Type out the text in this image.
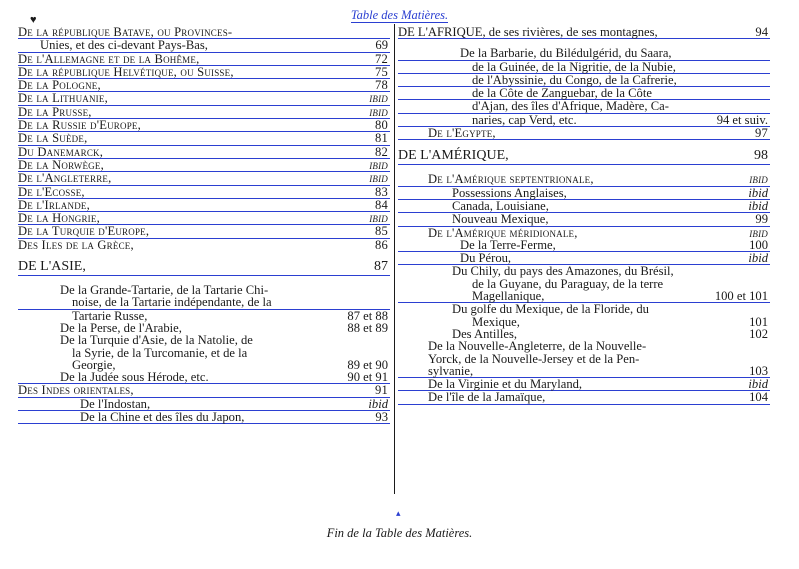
♥	Table des Matières.
De la république Batave, ou Provinces-
Unies, et des ci-devant Pays-Bas,	69
De l'Allemagne et de la Bohême,	72
De la république Helvétique, ou Suisse,	75
De la Pologne,	78
De la Lithuanie,	ibid
De la Prusse,	ibid
De la Russie d'Europe,	80
De la Suède,	81
Du Danemarck,	82
De la Norwège,	ibid
De l'Angleterre,	ibid
De l'Ecosse,	83
De l'Irlande,	84
De la Hongrie,	ibid
De la Turquie d'Europe,	85
Des Iles de la Grèce,	86
DE L'ASIE,	87
De la Grande-Tartarie, de la Tartarie Chi-
noise, de la Tartarie indépendante, de la
Tartarie Russe,	87 et 88
De la Perse, de l'Arabie,	88 et 89
De la Turquie d'Asie, de la Natolie, de
la Syrie, de la Turcomanie, et de la
Georgie,	89 et 90
De la Judée sous Hérode, etc.	90 et 91
Des Indes orientales,	91
De l'Indostan,	ibid
De la Chine et des îles du Japon,	93
DE L'AFRIQUE, de ses rivières, de ses montagnes,	94
De la Barbarie, du Bilédulgérid, du Saara,
de la Guinée, de la Nigritie, de la Nubie,
de l'Abyssinie, du Congo, de la Cafrerie,
de la Côte de Zanguebar, de la Côte
d'Ajan, des îles d'Afrique, Madère, Ca-
naries, cap Verd, etc.	94 et suiv.
De l'Egypte,	97
DE L'AMÉRIQUE,	98
De l'Amérique septentrionale,	ibid
Possessions Anglaises,	ibid
Canada, Louisiane,	ibid
Nouveau Mexique,	99
De l'Amérique méridionale,	ibid
De la Terre-Ferme,	100
Du Pérou,	ibid
Du Chily, du pays des Amazones, du Brésil,
de la Guyane, du Paraguay, de la terre
Magellanique,	100 et 101
Du golfe du Mexique, de la Floride, du
Mexique,	101
Des Antilles,	102
De la Nouvelle-Angleterre, de la Nouvelle-
Yorck, de la Nouvelle-Jersey et de la Pen-
sylvanie,	103
De la Virginie et du Maryland,	ibid
De l'île de la Jamaïque,	104
▴
Fin de la Table des Matières.
